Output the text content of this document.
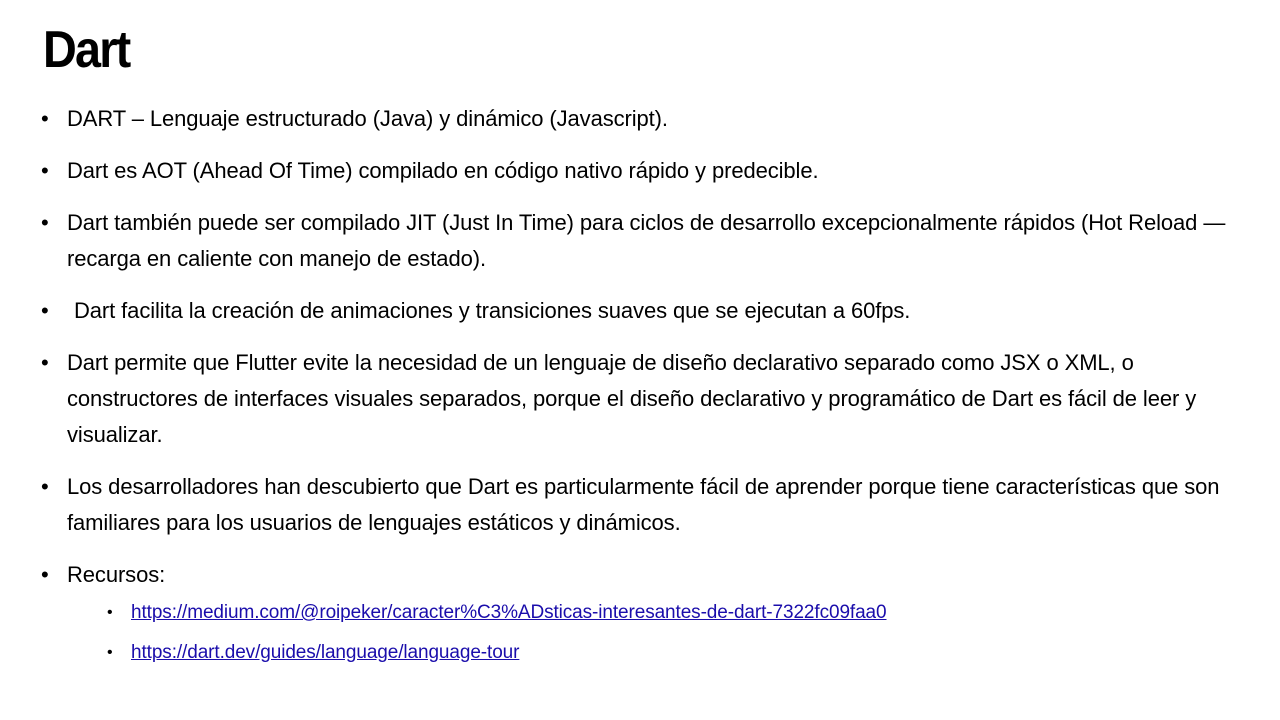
Dart
• DART – Lenguaje estructurado (Java) y dinámico (Javascript).
• Dart es AOT (Ahead Of Time) compilado en código nativo rápido y predecible.
• Dart también puede ser compilado JIT (Just In Time) para ciclos de desarrollo excepcionalmente rápidos (Hot Reload — recarga en caliente con manejo de estado).
• Dart facilita la creación de animaciones y transiciones suaves que se ejecutan a 60fps.
• Dart permite que Flutter evite la necesidad de un lenguaje de diseño declarativo separado como JSX o XML, o constructores de interfaces visuales separados, porque el diseño declarativo y programático de Dart es fácil de leer y visualizar.
• Los desarrolladores han descubierto que Dart es particularmente fácil de aprender porque tiene características que son familiares para los usuarios de lenguajes estáticos y dinámicos.
• Recursos:
• https://medium.com/@roipeker/caracter%C3%ADsticas-interesantes-de-dart-7322fc09faa0
• https://dart.dev/guides/language/language-tour
